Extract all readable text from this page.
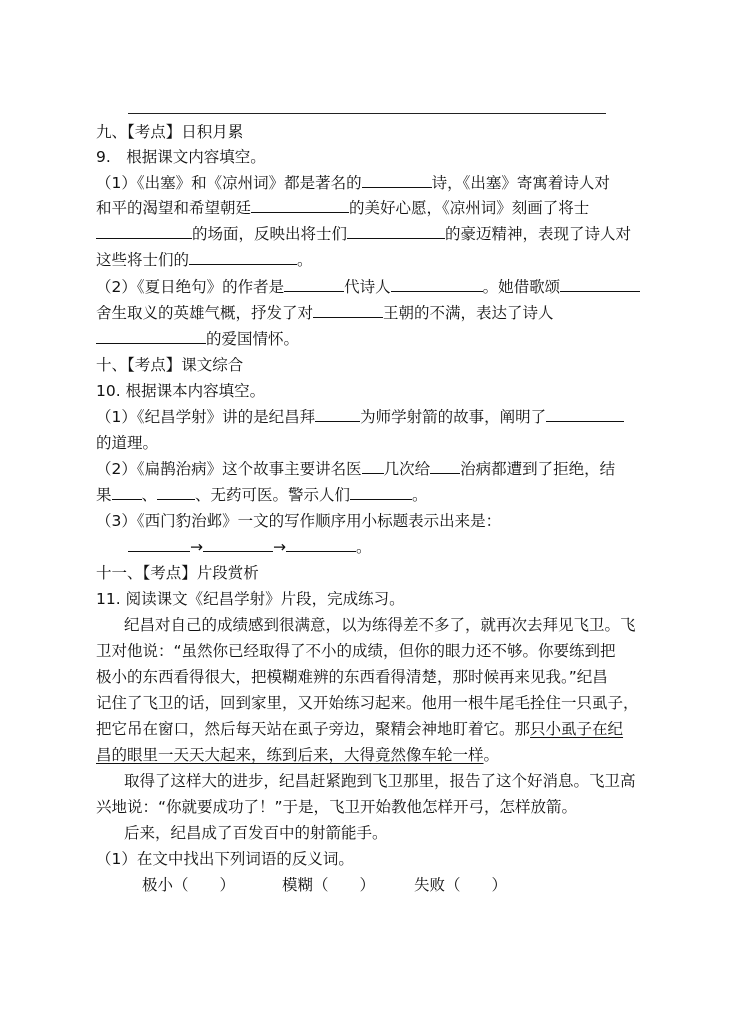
九、【考点】日积月累
9.　根据课文内容填空。
（1）《出塞》和《凉州词》都是著名的	诗，《出塞》寄寓着诗人对
和平的渴望和希望朝廷	的美好心愿，《凉州词》刻画了将士
的场面，反映出将士们	的豪迈精神，表现了诗人对
这些将士们的	。
（2）《夏日绝句》的作者是	代诗人	。她借歌颂
舍生取义的英雄气概，抒发了对	王朝的不满，表达了诗人
的爱国情怀。
十、【考点】课文综合
10. 根据课本内容填空。
（1）《纪昌学射》讲的是纪昌拜	为师学射箭的故事，阐明了
的道理。
（2）《扁鹊治病》这个故事主要讲名医 几次给 治病都遭到了拒绝，结
果 、 、无药可医。警示人们	。
（3）《西门豹治邺》一文的写作顺序用小标题表示出来是：
→	→	。
十一、【考点】片段赏析
11. 阅读课文《纪昌学射》片段，完成练习。
纪昌对自己的成绩感到很满意，以为练得差不多了，就再次去拜见飞卫。飞
卫对他说：“虽然你已经取得了不小的成绩，但你的眼力还不够。你要练到把
极小的东西看得很大，把模糊难辨的东西看得清楚，那时候再来见我。”纪昌
记住了飞卫的话，回到家里，又开始练习起来。他用一根牛尾毛拴住一只虱子，
把它吊在窗口，然后每天站在虱子旁边，聚精会神地盯着它。那只小虱子在纪
昌的眼里一天天大起来，练到后来，大得竟然像车轮一样。
取得了这样大的进步，纪昌赶紧跑到飞卫那里，报告了这个好消息。飞卫高
兴地说：“你就要成功了！”于是，飞卫开始教他怎样开弓，怎样放箭。
后来，纪昌成了百发百中的射箭能手。
（1）在文中找出下列词语的反义词。
极小（　　）	模糊（　　）	失败（　　）
